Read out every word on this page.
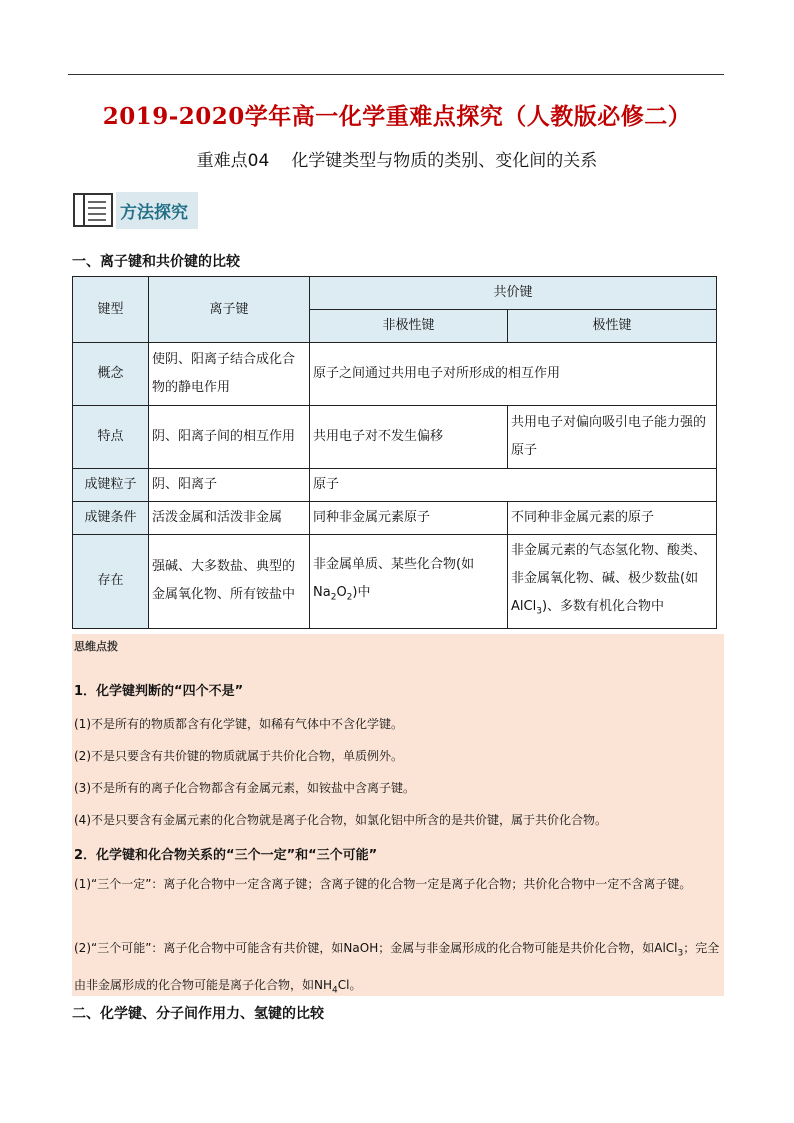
2019-2020学年高一化学重难点探究（人教版必修二）
重难点04 化学键类型与物质的类别、变化间的关系
方法探究
一、离子键和共价键的比较
键型	离子键	共价键	
		非极性键	极性键
概念	使阴、阳离子结合成化合物的静电作用	原子之间通过共用电子对所形成的相互作用	
特点	阴、阳离子间的相互作用	共用电子对不发生偏移	共用电子对偏向吸引电子能力强的原子
成键粒子	阴、阳离子	原子	
成键条件	活泼金属和活泼非金属	同种非金属元素原子	不同种非金属元素的原子
存在	强碱、大多数盐、典型的金属氧化物、所有铵盐中	非金属单质、某些化合物(如$Na_2O_2$)中	非金属元素的气态氢化物、酸类、非金属氧化物、碱、极少数盐(如AlCl$_3$)、多数有机化合物中
思维点拨
1．化学键判断的“四个不是”
(1)不是所有的物质都含有化学键，如稀有气体中不含化学键。
(2)不是只要含有共价键的物质就属于共价化合物，单质例外。
(3)不是所有的离子化合物都含有金属元素，如铵盐中含离子键。
(4)不是只要含有金属元素的化合物就是离子化合物，如氯化铝中所含的是共价键，属于共价化合物。
2．化学键和化合物关系的“三个一定”和“三个可能”
(1)“三个一定”：离子化合物中一定含离子键；含离子键的化合物一定是离子化合物；共价化合物中一定不含离子键。
(2)“三个可能”：离子化合物中可能含有共价键，如NaOH；金属与非金属形成的化合物可能是共价化合物，如AlCl$_3$；完全由非金属形成的化合物可能是离子化合物，如$NH_4Cl$。
二、化学键、分子间作用力、氢键的比较
